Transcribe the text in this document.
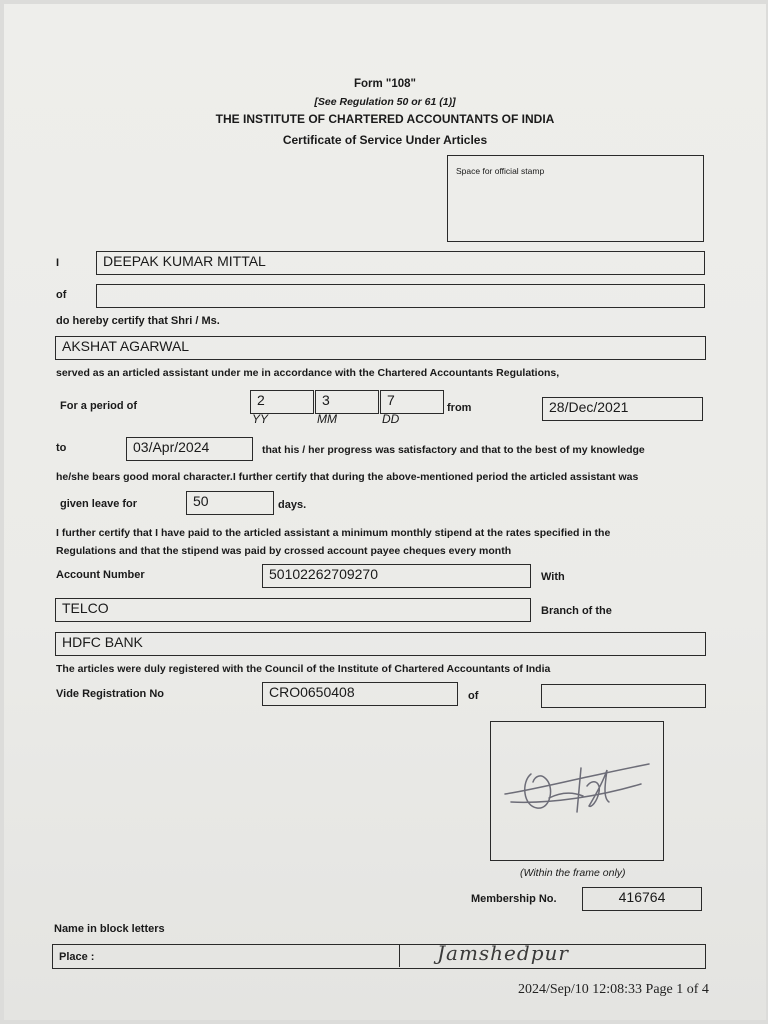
Form "108"
[See Regulation 50 or 61 (1)]
THE INSTITUTE OF CHARTERED ACCOUNTANTS OF INDIA
Certificate of Service Under Articles
Space for official stamp
I	DEEPAK KUMAR MITTAL
of
do hereby certify that Shri / Ms.
AKSHAT AGARWAL
served as an articled assistant under me in accordance with the Chartered Accountants Regulations,
For a period of	2	3	7
YY	MM	DD
from	28/Dec/2021
to	03/Apr/2024	that his / her progress was satisfactory and that to the best of my knowledge
he/she bears good moral character.I further certify that during the above-mentioned period the articled assistant was
given leave for	50	days.
I further certify that I have paid to the articled assistant a minimum monthly stipend at the rates specified in the
Regulations and that the stipend was paid by crossed account payee cheques every month
Account Number	50102262709270	With
TELCO	Branch of the
HDFC BANK
The articles were duly registered with the Council of the Institute of Chartered Accountants of India
Vide Registration No	CRO0650408	of
(Within the frame only)
Membership No.	416764
Name in block letters
Place :	Jamshedpur
2024/Sep/10 12:08:33 Page 1 of 4
